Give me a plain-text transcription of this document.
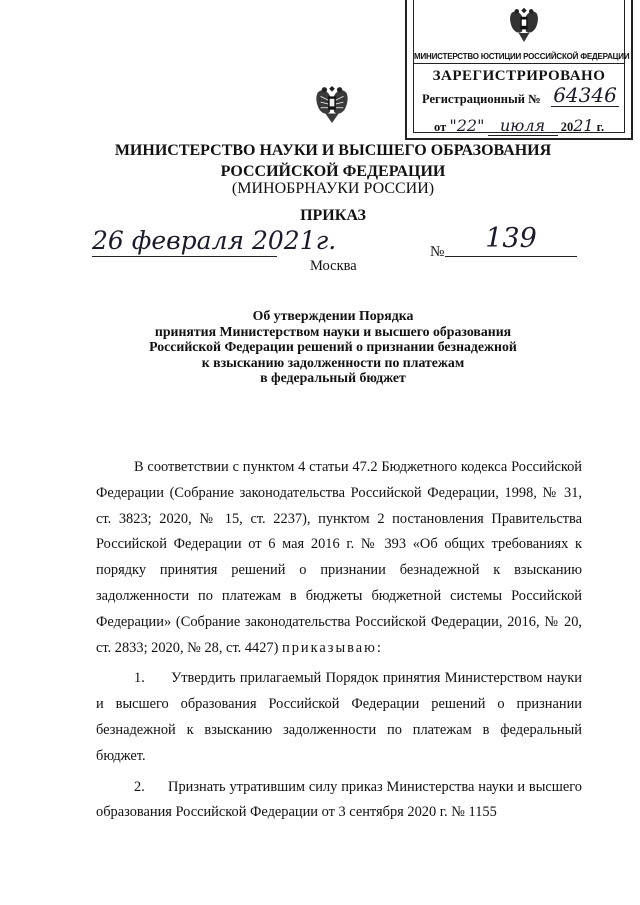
МИНИСТЕРСТВО ЮСТИЦИИ РОССИЙСКОЙ ФЕДЕРАЦИИ
ЗАРЕГИСТРИРОВАНО
Регистрационный № 64346
от "22" июля 2021 г.
МИНИСТЕРСТВО НАУКИ И ВЫСШЕГО ОБРАЗОВАНИЯ
РОССИЙСКОЙ ФЕДЕРАЦИИ
(МИНОБРНАУКИ РОССИИ)
ПРИКАЗ
26 февраля 2021г.	№	139
Москва
Об утверждении Порядка
принятия Министерством науки и высшего образования
Российской Федерации решений о признании безнадежной
к взысканию задолженности по платежам
в федеральный бюджет

В соответствии с пунктом 4 статьи 47.2 Бюджетного кодекса Российской Федерации (Собрание законодательства Российской Федерации, 1998, № 31, ст. 3823; 2020, № 15, ст. 2237), пунктом 2 постановления Правительства Российской Федерации от 6 мая 2016 г. № 393 «Об общих требованиях к порядку принятия решений о признании безнадежной к взысканию задолженности по платежам в бюджеты бюджетной системы Российской Федерации» (Собрание законодательства Российской Федерации, 2016, № 20, ст. 2833; 2020, № 28, ст. 4427) приказываю:

1. Утвердить прилагаемый Порядок принятия Министерством науки и высшего образования Российской Федерации решений о признании безнадежной к взысканию задолженности по платежам в федеральный бюджет.

2. Признать утратившим силу приказ Министерства науки и высшего образования Российской Федерации от 3 сентября 2020 г. № 1155
